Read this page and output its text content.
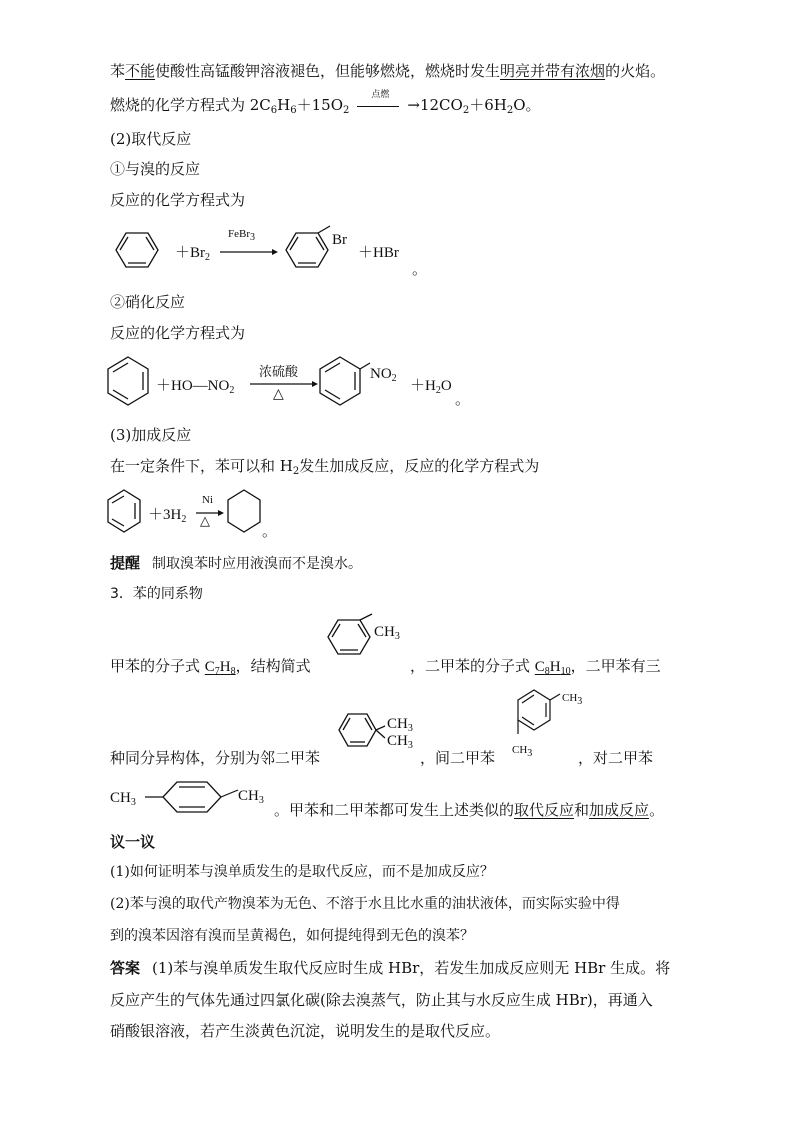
苯不能使酸性高锰酸钾溶液褪色，但能够燃烧，燃烧时发生明亮并带有浓烟的火焰。
燃烧的化学方程式为 $2C_6H_6+15O_2$
点燃
$\to 12CO_2+6H_2O$。
(2)取代反应
①与溴的反应
反应的化学方程式为
$+Br_2$
FeBr$_3$	Br
＋HBr
。
②硝化反应
反应的化学方程式为
$+HO—NO_2$
浓硫酸
△
$NO_2 +H_2O$
。
(3)加成反应
在一定条件下，苯可以和 $H_2$发生加成反应，反应的化学方程式为
$+3H_2$
Ni
△
。
提醒 制取溴苯时应用液溴而不是溴水。
3．苯的同系物
$CH_3$
甲苯的分子式 $C_7H_8$，结构简式	，二甲苯的分子式 $C_8H_{10}$，二甲苯有三
$CH_3$
$CH_3$
$CH_3$
$CH_3$
种同分异构体，分别为邻二甲苯	，间二甲苯	，对二甲苯
$CH_3$	$CH_3$
。甲苯和二甲苯都可发生上述类似的取代反应和加成反应。
议一议
(1)如何证明苯与溴单质发生的是取代反应，而不是加成反应？
(2)苯与溴的取代产物溴苯为无色、不溶于水且比水重的油状液体，而实际实验中得
到的溴苯因溶有溴而呈黄褐色，如何提纯得到无色的溴苯？
答案 (1)苯与溴单质发生取代反应时生成 HBr，若发生加成反应则无 HBr 生成。将
反应产生的气体先通过四氯化碳(除去溴蒸气，防止其与水反应生成 HBr)，再通入
硝酸银溶液，若产生淡黄色沉淀，说明发生的是取代反应。
